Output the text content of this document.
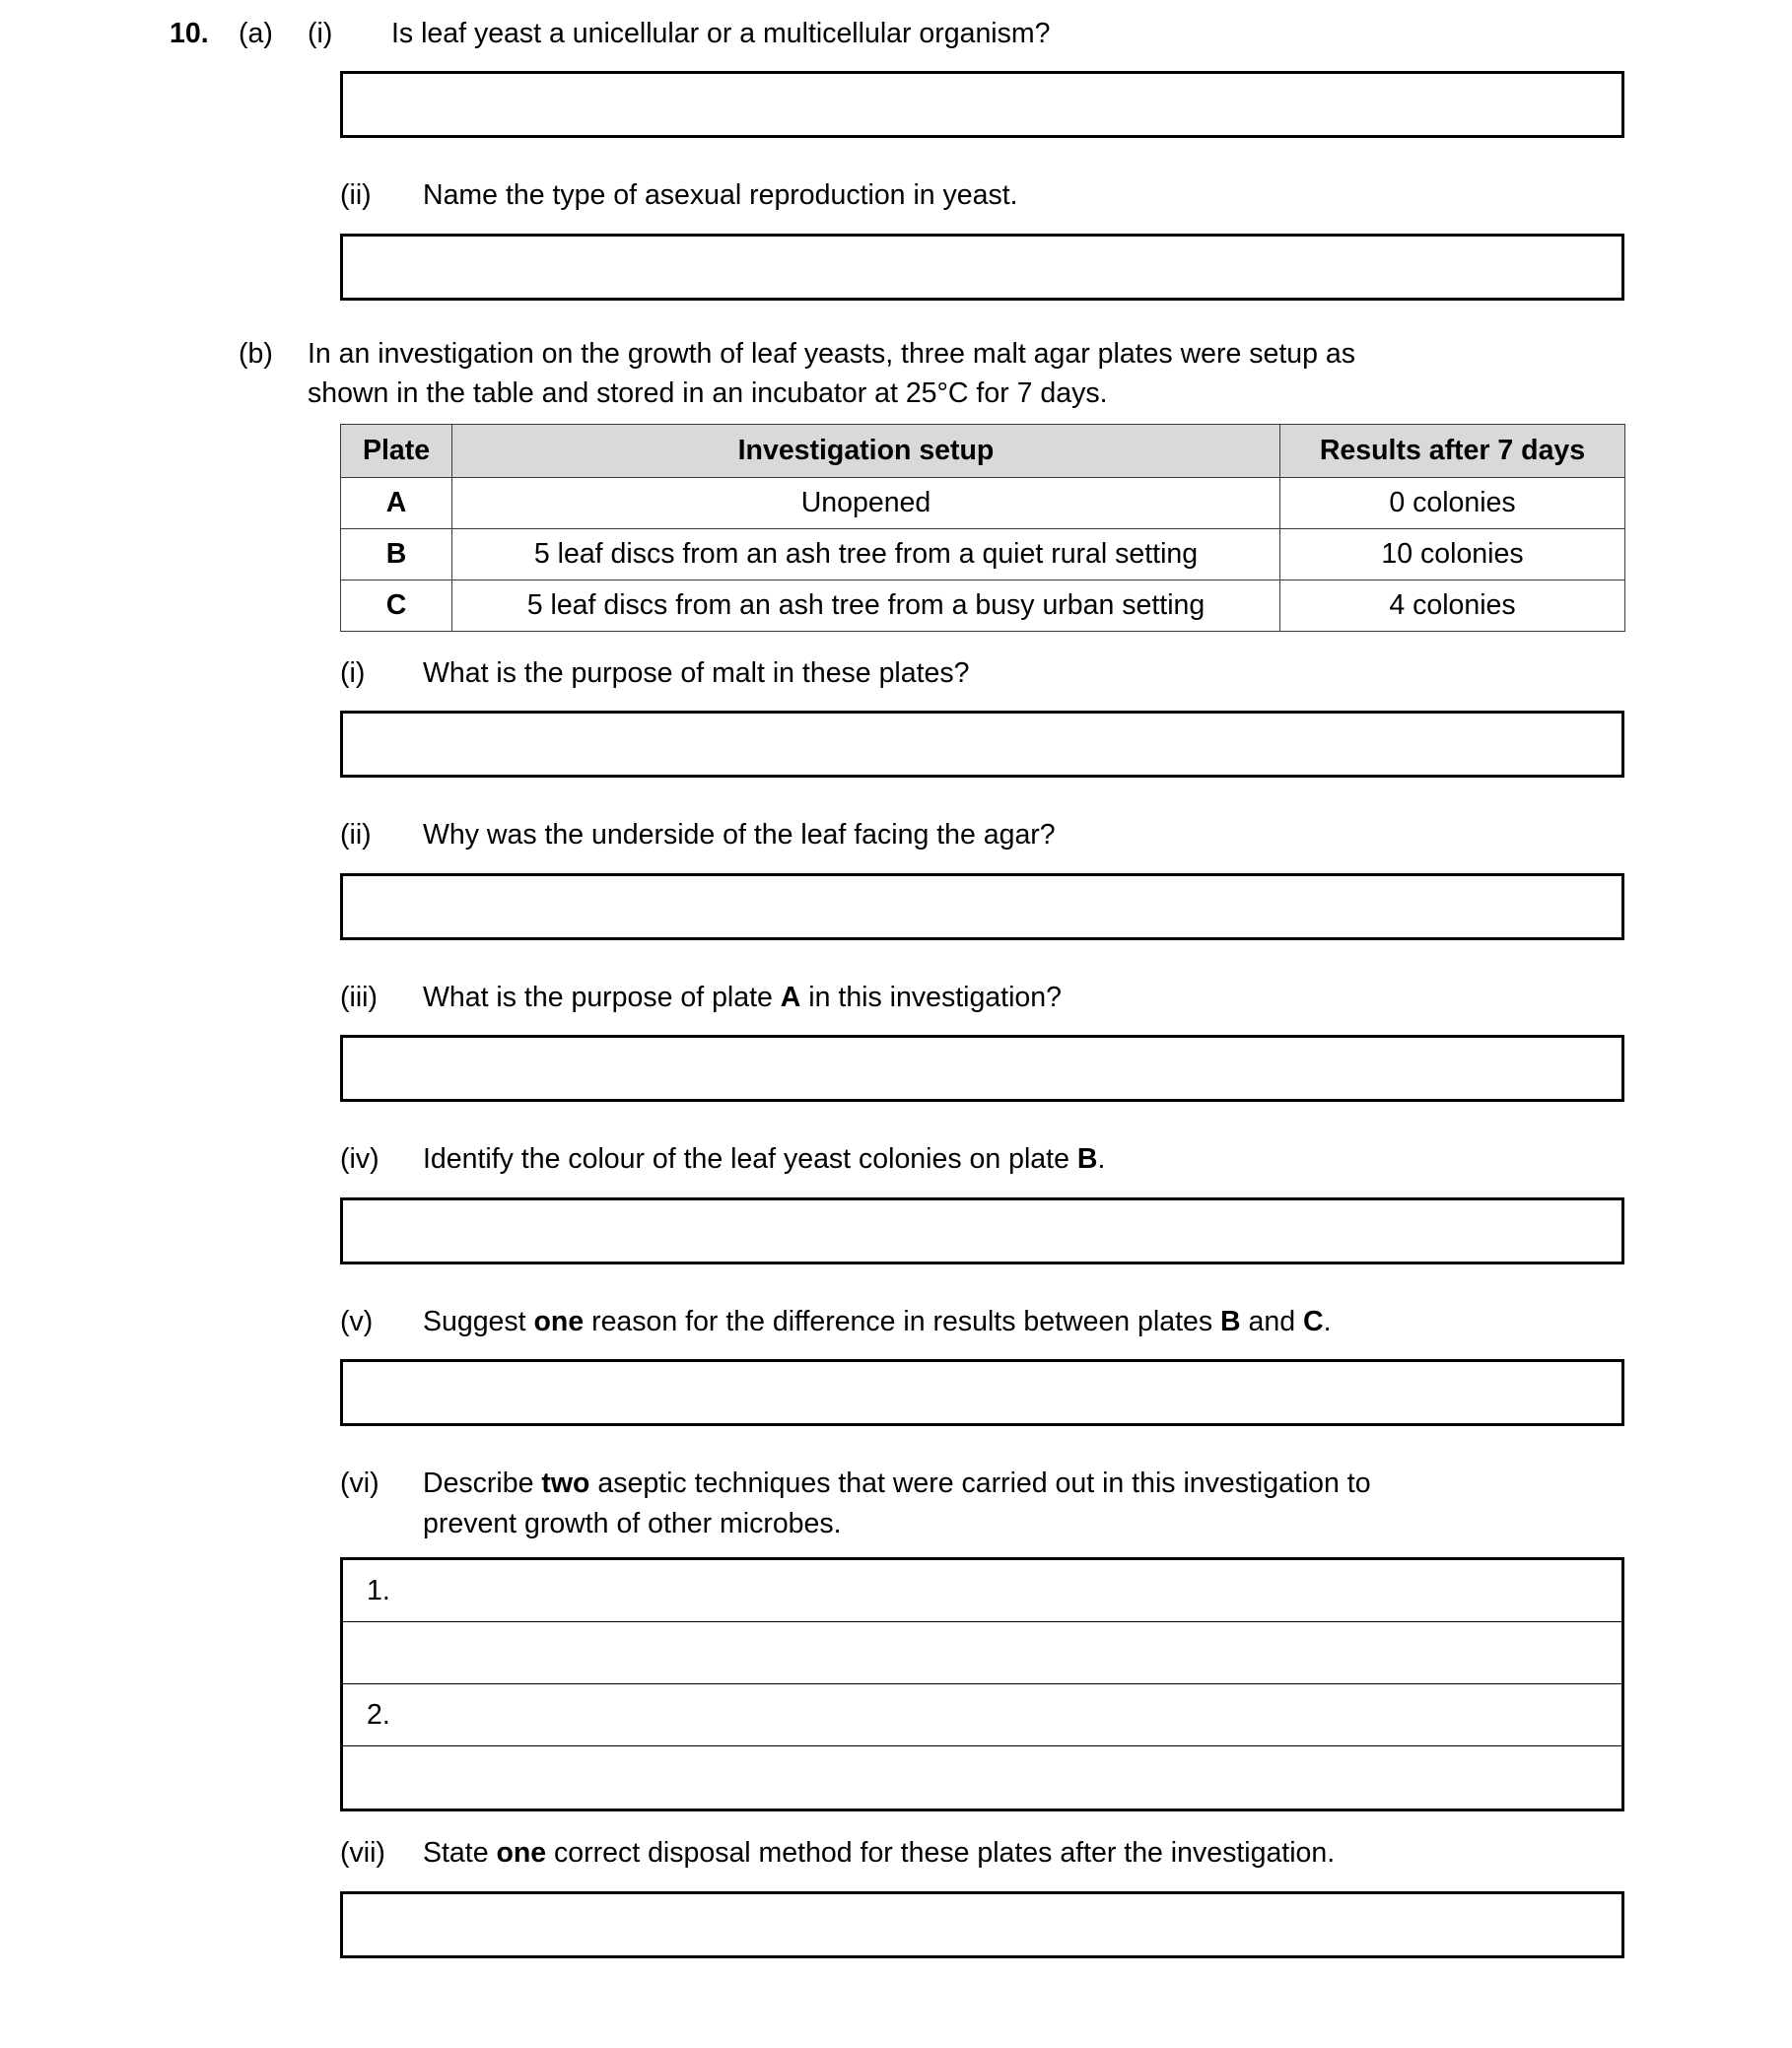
10.	(a)	(i)	Is leaf yeast a unicellular or a multicellular organism?
(ii)	Name the type of asexual reproduction in yeast.
(b)	In an investigation on the growth of leaf yeasts, three malt agar plates were setup as
shown in the table and stored in an incubator at 25°C for 7 days.
Plate	Investigation setup	Results after 7 days
A	Unopened	0 colonies
B	5 leaf discs from an ash tree from a quiet rural setting	10 colonies
C	5 leaf discs from an ash tree from a busy urban setting	4 colonies
(i)	What is the purpose of malt in these plates?
(ii)	Why was the underside of the leaf facing the agar?
(iii)	What is the purpose of plate A in this investigation?
(iv)	Identify the colour of the leaf yeast colonies on plate B.
(v)	Suggest one reason for the difference in results between plates B and C.
(vi)	Describe two aseptic techniques that were carried out in this investigation to
prevent growth of other microbes.
1.
2.
(vii)	State one correct disposal method for these plates after the investigation.
